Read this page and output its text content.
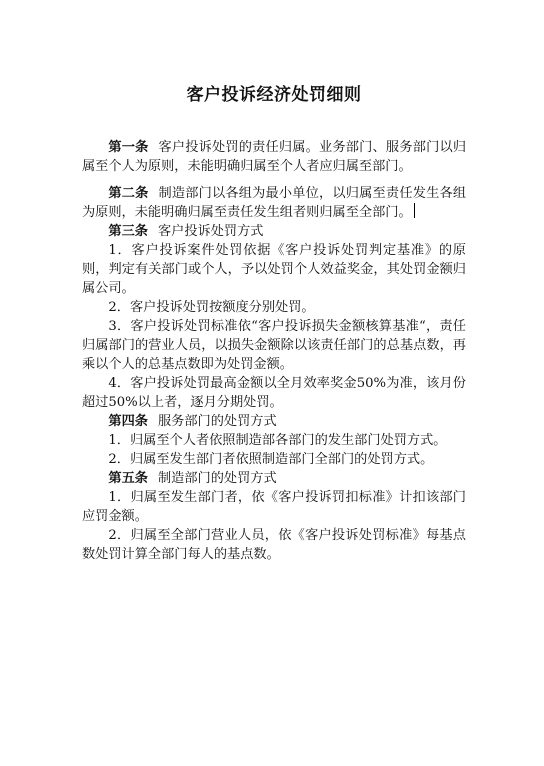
客户投诉经济处罚细则

第一条 客户投诉处罚的责任归属。业务部门、服务部门以归属至个人为原则，未能明确归属至个人者应归属至部门。

第二条 制造部门以各组为最小单位，以归属至责任发生各组为原则，未能明确归属至责任发生组者则归属至全部门。

第三条 客户投诉处罚方式

1．客户投诉案件处罚依据《客户投诉处罚判定基准》的原则，判定有关部门或个人，予以处罚个人效益奖金，其处罚金额归属公司。

2．客户投诉处罚按额度分别处罚。

3．客户投诉处罚标准依“客户投诉损失金额核算基准“，责任归属部门的营业人员，以损失金额除以该责任部门的总基点数，再乘以个人的总基点数即为处罚金额。

4．客户投诉处罚最高金额以全月效率奖金50%为准，该月份超过50%以上者，逐月分期处罚。

第四条 服务部门的处罚方式

1．归属至个人者依照制造部各部门的发生部门处罚方式。

2．归属至发生部门者依照制造部门全部门的处罚方式。

第五条 制造部门的处罚方式

1．归属至发生部门者，依《客户投诉罚扣标准》计扣该部门应罚金额。

2．归属至全部门营业人员，依《客户投诉处罚标准》每基点数处罚计算全部门每人的基点数。
